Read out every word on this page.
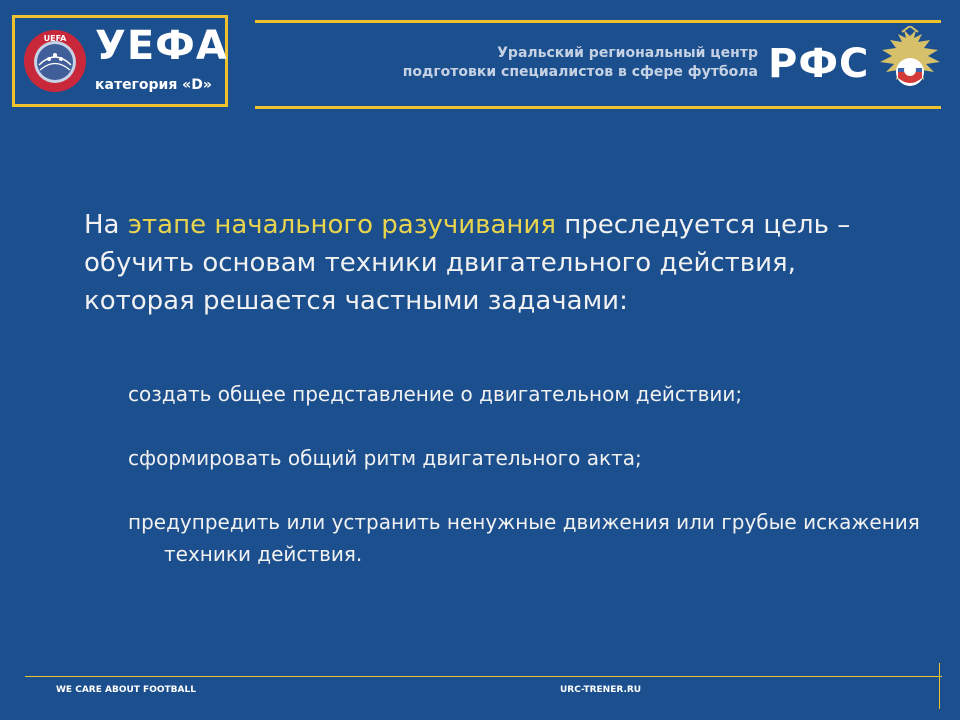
UEFA УЕФА
категория «D»
Уральский региональный центр
подготовки специалистов в сфере футбола РФС

На этапе начального разучивания преследуется цель – обучить основам техники двигательного действия, которая решается частными задачами:

создать общее представление о двигательном действии;
сформировать общий ритм двигательного акта;
предупредить или устранить ненужные движения или грубые искажения техники действия.
WE CARE ABOUT FOOTBALL	URC-TRENER.RU
